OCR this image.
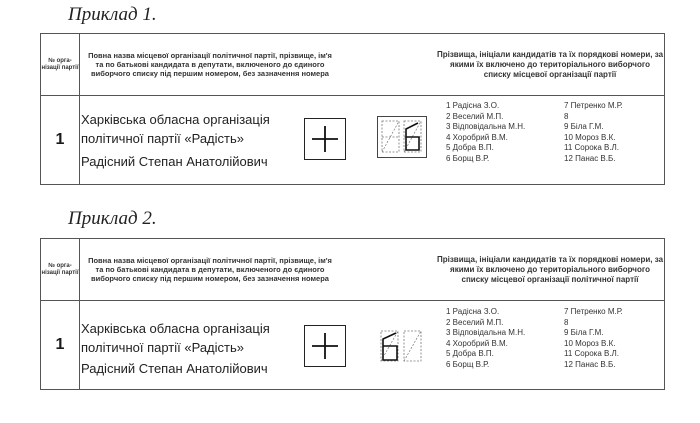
Приклад 1.
№ орга-нізації партії
Повна назва місцевої організації політичної партії, прізвище, ім'я та по батькові кандидата в депутати, включеного до єдиного виборчого списку під першим номером, без зазначення номера
Прізвища, ініціали кандидатів та їх порядкові номери, за якими їх включено до територіального виборчого списку місцевої організації партії
1
Харківська обласна організація
політичної партії «Радість»
Радісний Степан Анатолійович
1 Радісна З.О.
2 Веселий М.П.
3 Відповідальна М.Н.
4 Хоробрий В.М.
5 Добра В.П.
6 Борщ В.Р.
7 Петренко М.Р.
8
9 Біла Г.М.
10 Мороз В.К.
11 Сорока В.Л.
12 Панас В.Б.
Приклад 2.
№ орга-нізації партії
Повна назва місцевої організації політичної партії, прізвище, ім'я та по батькові кандидата в депутати, включеного до єдиного виборчого списку під першим номером, без зазначення номера
Прізвища, ініціали кандидатів та їх порядкові номери, за якими їх включено до територіального виборчого списку місцевої організації політичної партії
1
Харківська обласна організація
політичної партії «Радість»
Радісний Степан Анатолійович
1 Радісна З.О.
2 Веселий М.П.
3 Відповідальна М.Н.
4 Хоробрий В.М.
5 Добра В.П.
6 Борщ В.Р.
7 Петренко М.Р.
8
9 Біла Г.М.
10 Мороз В.К.
11 Сорока В.Л.
12 Панас В.Б.
